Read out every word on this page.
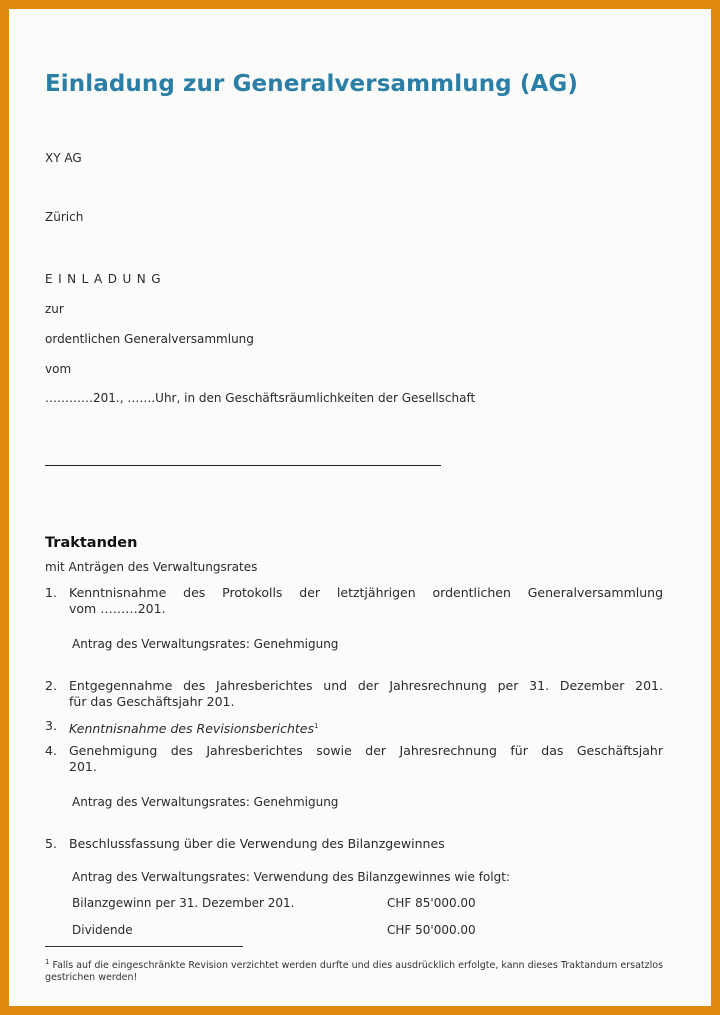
Einladung zur Generalversammlung (AG)
XY AG
Zürich
EINLADUNG
zur
ordentlichen Generalversammlung
vom
…………201., …….Uhr, in den Geschäftsräumlichkeiten der Gesellschaft
Traktanden
mit Anträgen des Verwaltungsrates
1. Kenntnisnahme des Protokolls der letztjährigen ordentlichen Generalversammlung
vom ………201.
Antrag des Verwaltungsrates: Genehmigung
2. Entgegennahme des Jahresberichtes und der Jahresrechnung per 31. Dezember 201.
für das Geschäftsjahr 201.
3. Kenntnisnahme des Revisionsberichtes$^1$
4. Genehmigung des Jahresberichtes sowie der Jahresrechnung für das Geschäftsjahr
201.
Antrag des Verwaltungsrates: Genehmigung
5. Beschlussfassung über die Verwendung des Bilanzgewinnes
Antrag des Verwaltungsrates: Verwendung des Bilanzgewinnes wie folgt:
Bilanzgewinn per 31. Dezember 201.	CHF 85'000.00
Dividende	CHF 50'000.00
$^1$ Falls auf die eingeschränkte Revision verzichtet werden durfte und dies ausdrücklich erfolgte, kann dieses Traktandum ersatzlos gestrichen werden!
